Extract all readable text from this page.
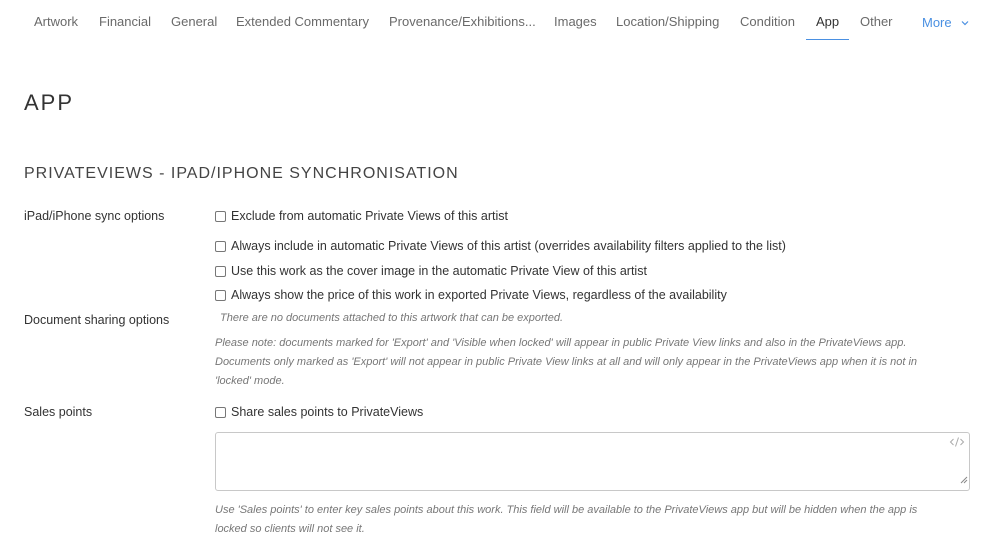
Artwork	Financial	General	Extended Commentary	Provenance/Exhibitions...	Images	Location/Shipping	Condition	App	Other	More
APP
PRIVATEVIEWS - IPAD/IPHONE SYNCHRONISATION
iPad/iPhone sync options	Exclude from automatic Private Views of this artist
Always include in automatic Private Views of this artist (overrides availability filters applied to the list)
Use this work as the cover image in the automatic Private View of this artist
Always show the price of this work in exported Private Views, regardless of the availability
Document sharing options	There are no documents attached to this artwork that can be exported.
Please note: documents marked for 'Export' and 'Visible when locked' will appear in public Private View links and also in the PrivateViews app.
Documents only marked as 'Export' will not appear in public Private View links at all and will only appear in the PrivateViews app when it is not in
'locked' mode.
Sales points	Share sales points to PrivateViews
Use 'Sales points' to enter key sales points about this work. This field will be available to the PrivateViews app but will be hidden when the app is
locked so clients will not see it.
